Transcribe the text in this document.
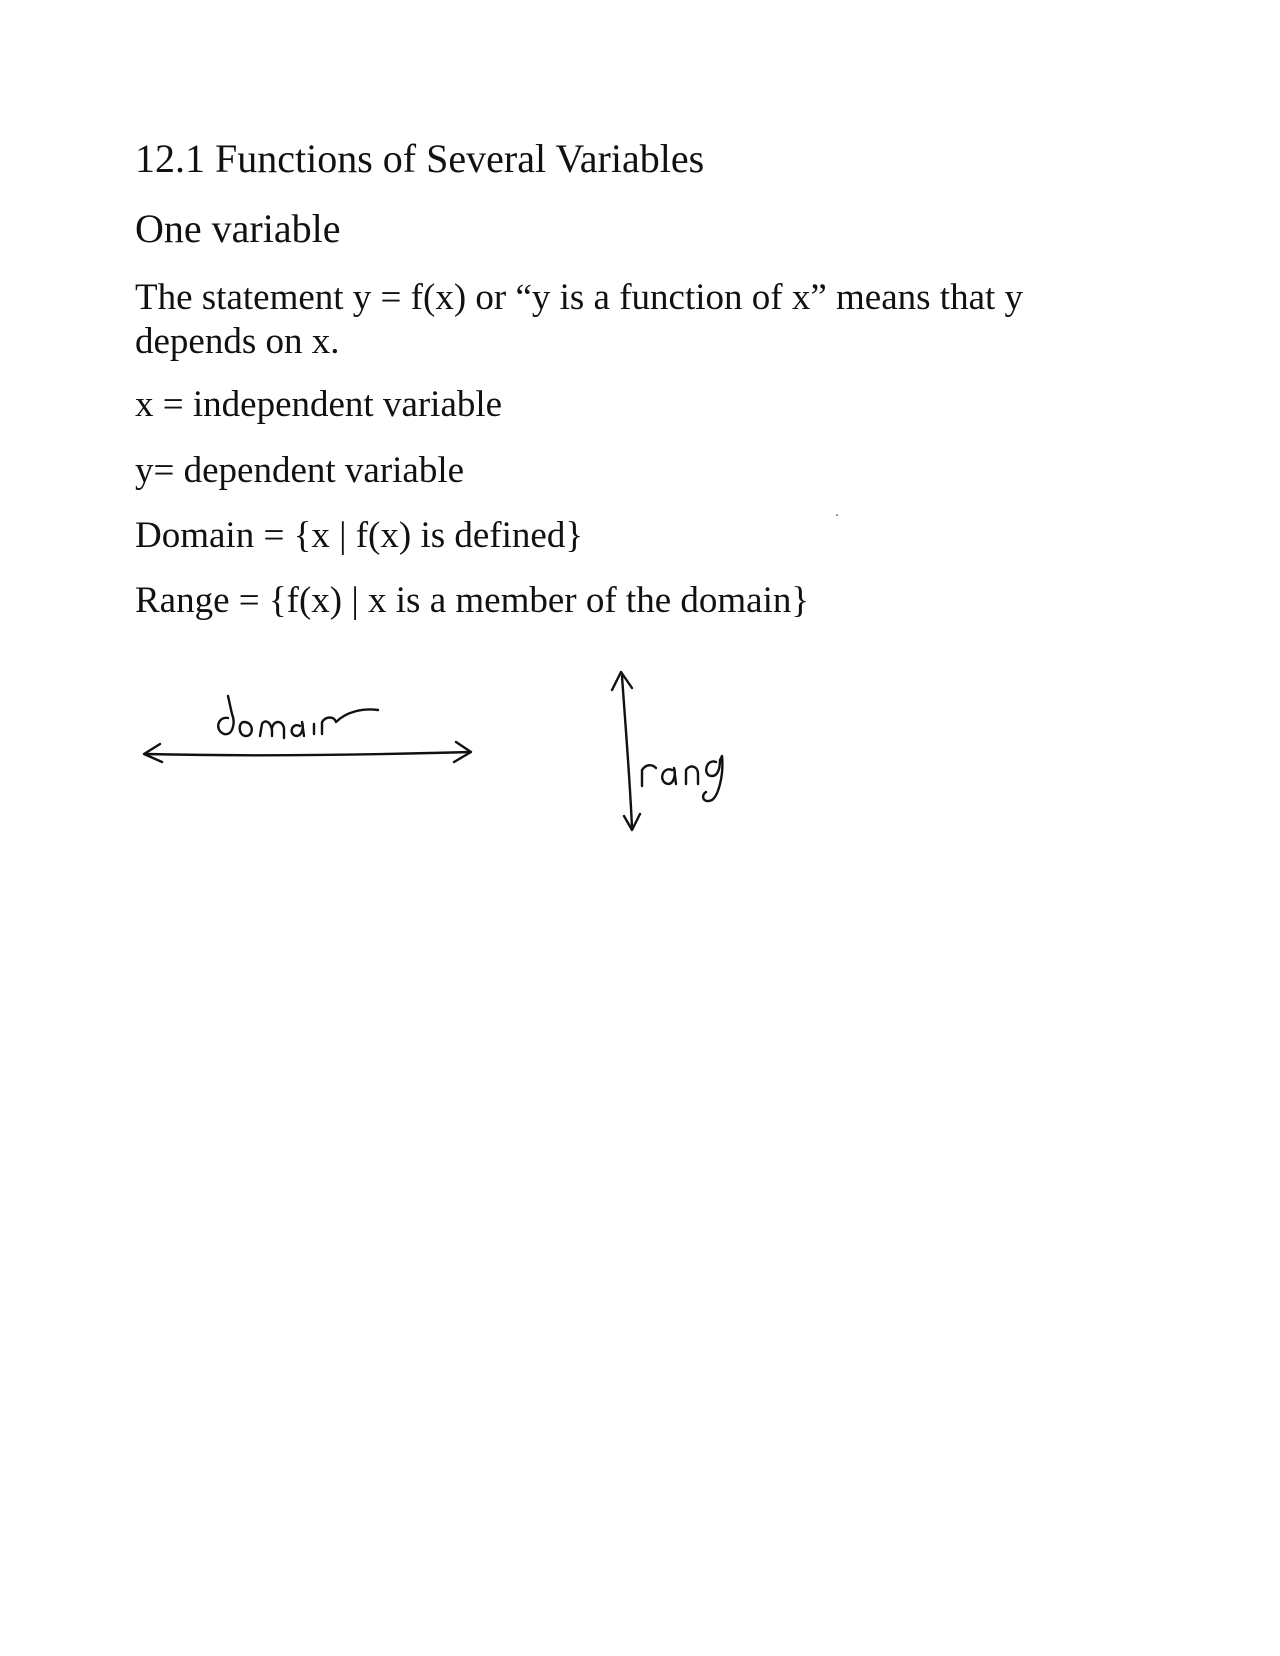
12.1 Functions of Several Variables
One variable

The statement y = f(x) or “y is a function of x” means that y depends on x.

x = independent variable

y= dependent variable

Domain = {x | f(x) is defined}

Range = {f(x) | x is a member of the domain}
